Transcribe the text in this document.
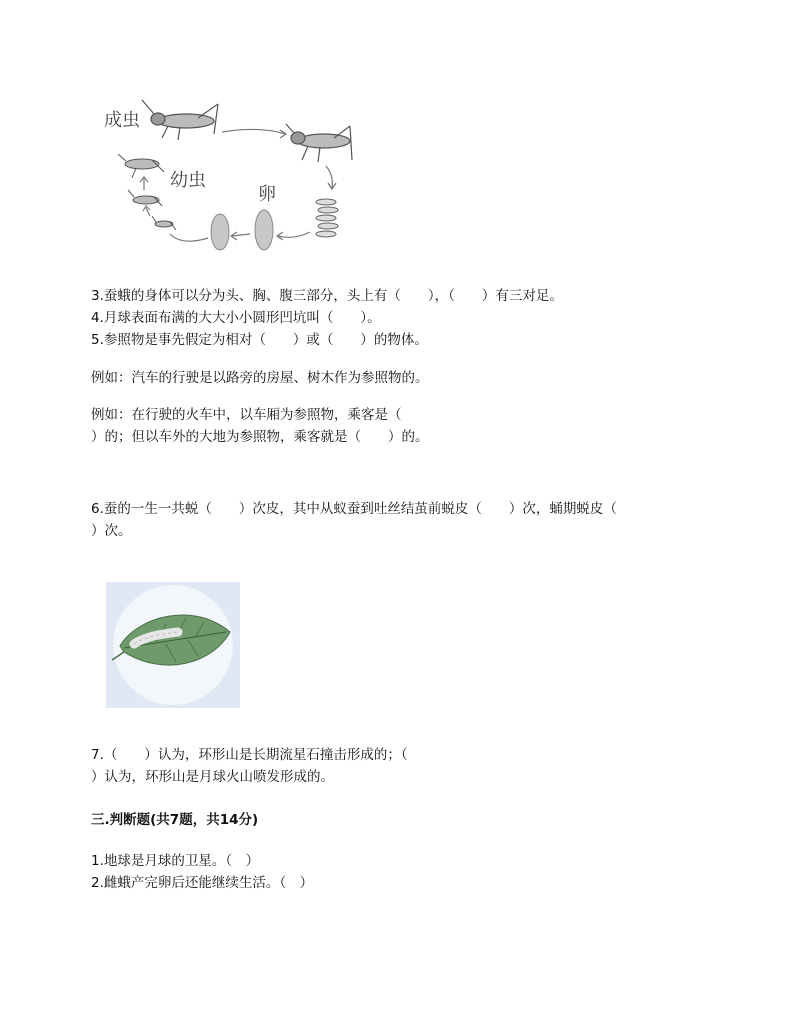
成虫
幼虫
卵
3.蚕蛾的身体可以分为头、胸、腹三部分，头上有（　　），（　　）有三对足。
4.月球表面布满的大大小小圆形凹坑叫（　　）。
5.参照物是事先假定为相对（　　）或（　　）的物体。
例如：汽车的行驶是以路旁的房屋、树木作为参照物的。
例如：在行驶的火车中，以车厢为参照物，乘客是（
）的；但以车外的大地为参照物，乘客就是（　　）的。
6.蚕的一生一共蜕（　　）次皮，其中从蚁蚕到吐丝结茧前蜕皮（　　）次，蛹期蜕皮（
）次。
7.（　　）认为，环形山是长期流星石撞击形成的；（
）认为，环形山是月球火山喷发形成的。
三.判断题(共7题，共14分)
1.地球是月球的卫星。（　）
2.雌蛾产完卵后还能继续生活。（　）
